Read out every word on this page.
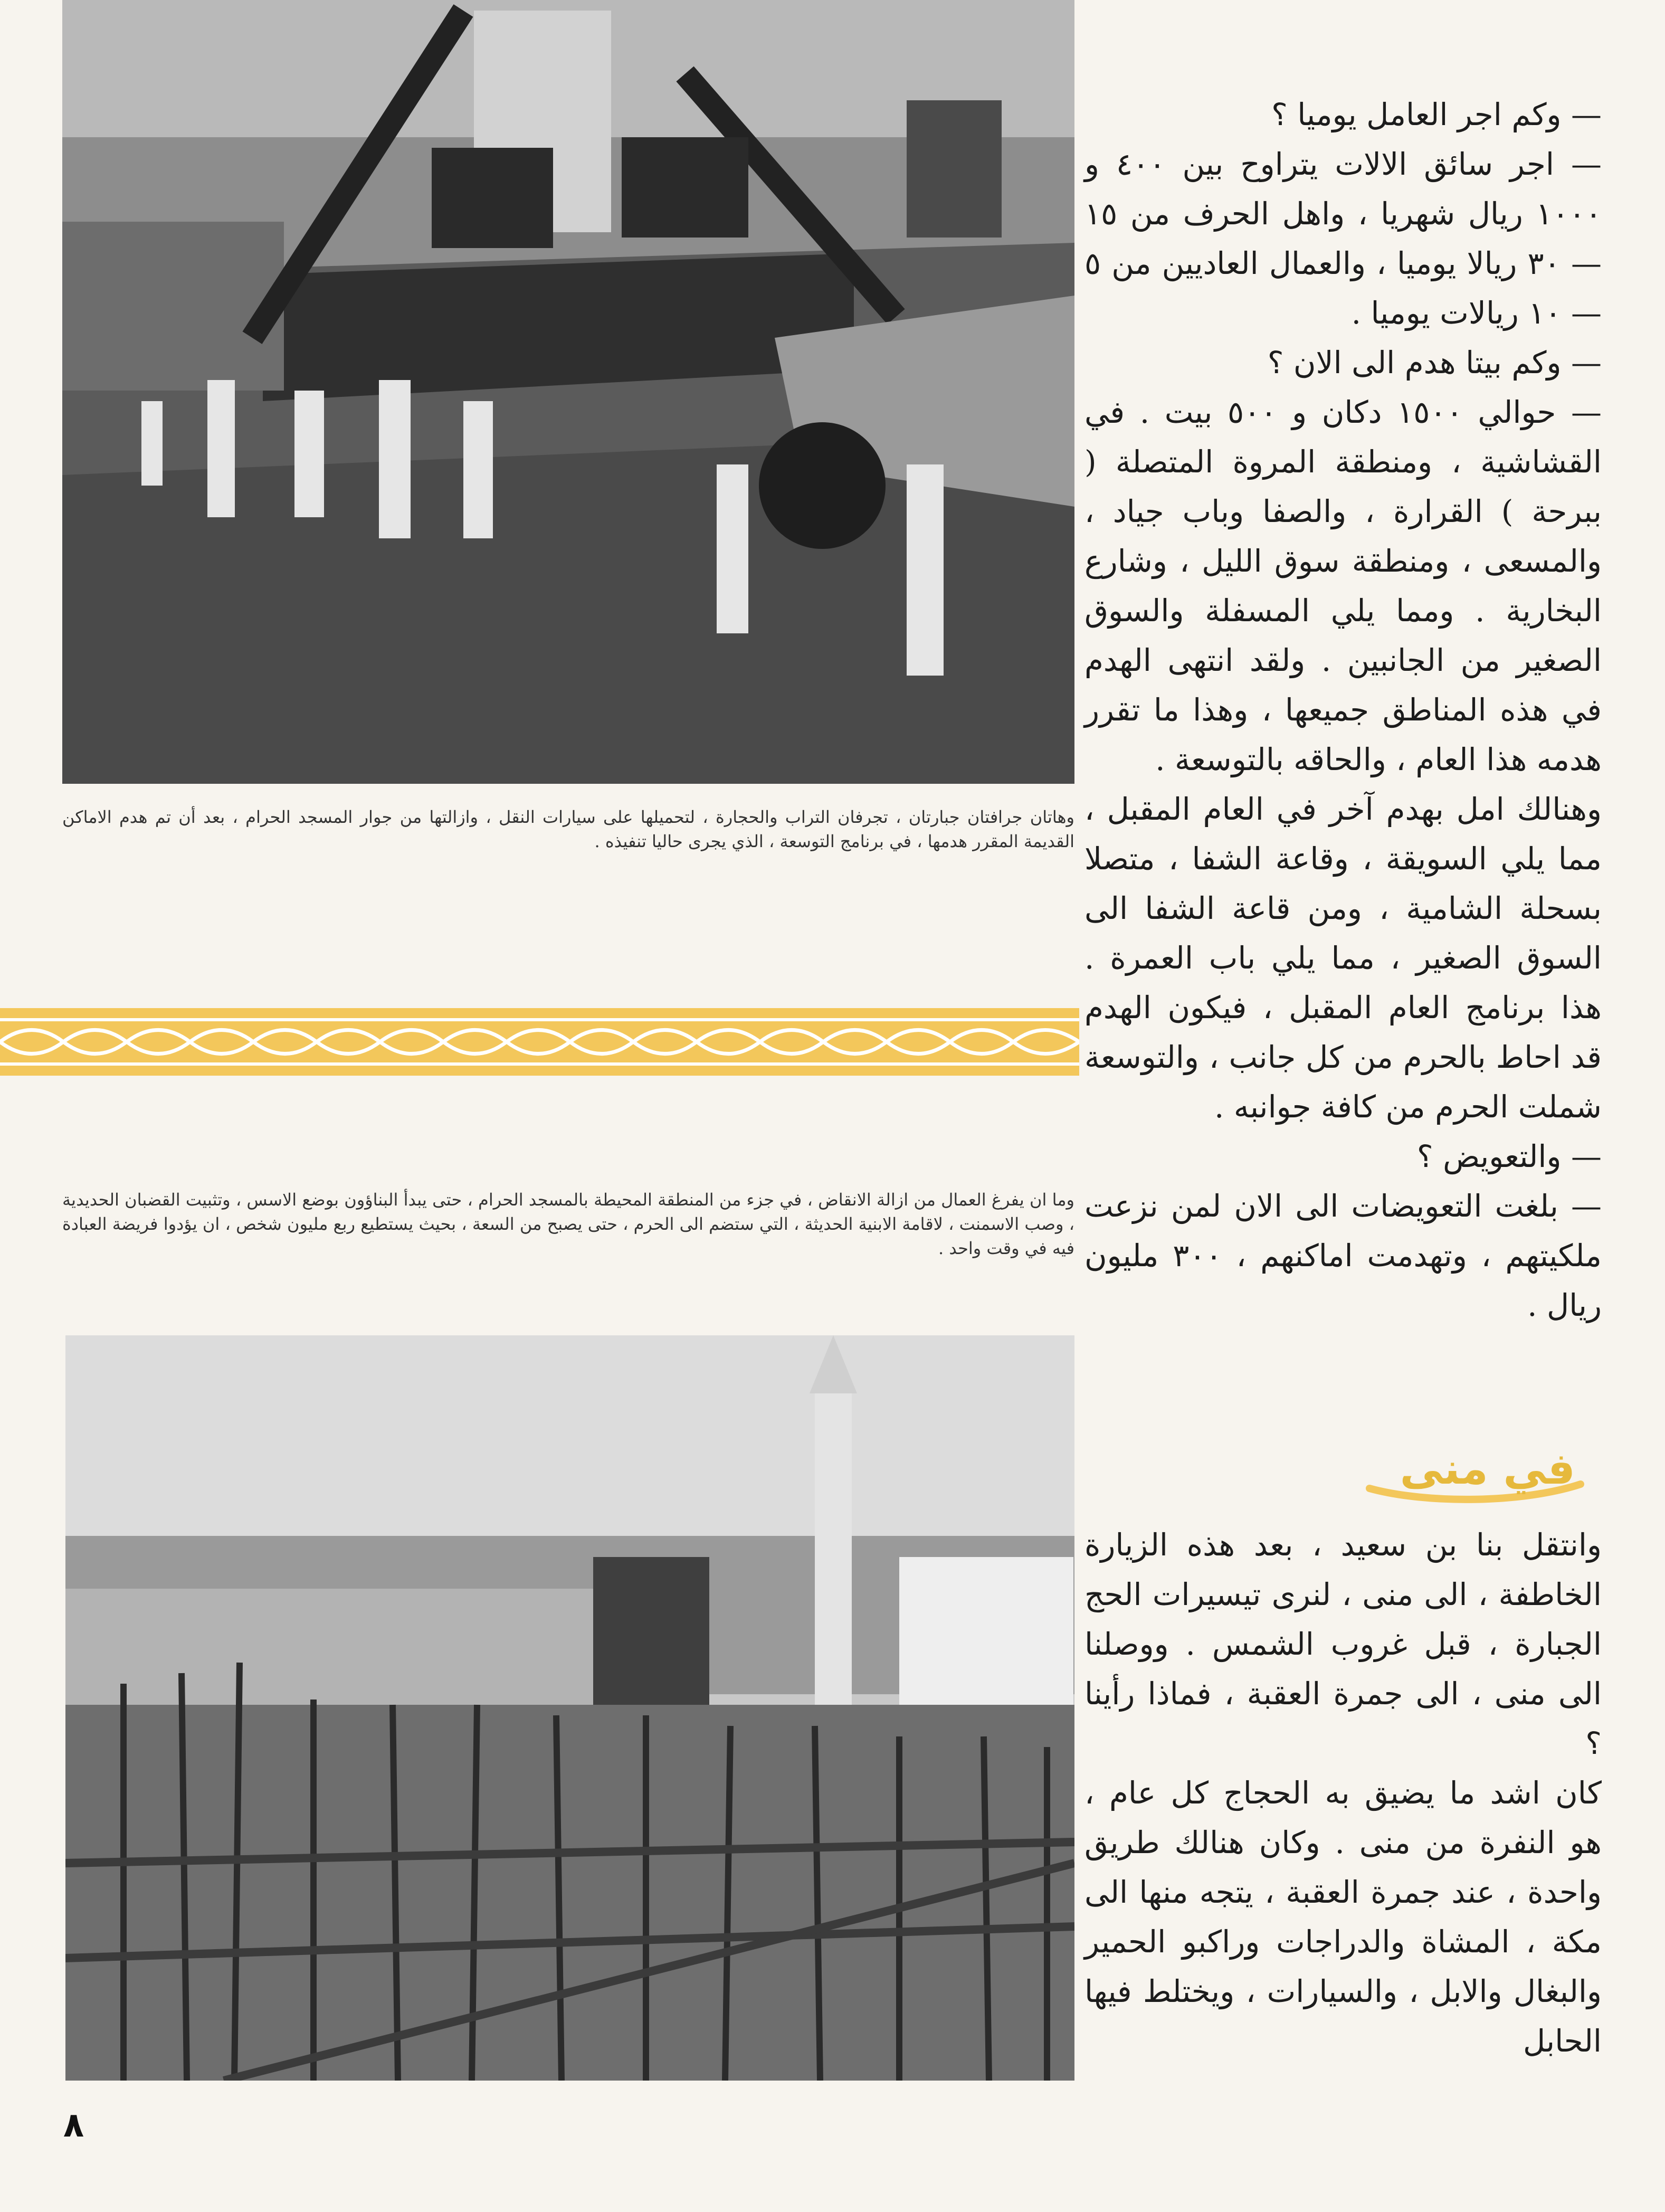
وهاتان جرافتان جبارتان ، تجرفان التراب والحجارة ، لتحميلها على سيارات النقل ، وازالتها من جوار المسجد الحرام ، بعد أن تم هدم الاماكن القديمة المقرر هدمها ، في برنامج التوسعة ، الذي يجرى حاليا تنفيذه .

وما ان يفرغ العمال من ازالة الانقاض ، في جزء من المنطقة المحيطة بالمسجد الحرام ، حتى يبدأ البناؤون بوضع الاسس ، وتثبيت القضبان الحديدية ، وصب الاسمنت ، لاقامة الابنية الحديثة ، التي ستضم الى الحرم ، حتى يصبح من السعة ، بحيث يستطيع ربع مليون شخص ، ان يؤدوا فريضة العبادة فيه في وقت واحد .

— وكم اجر العامل يوميا ؟

— اجر سائق الالات يتراوح بين ٤٠٠ و ١٠٠٠ ريال شهريا ، واهل الحرف من ١٥ — ٣٠ ريالا يوميا ، والعمال العاديين من ٥ — ١٠ ريالات يوميا .

— وكم بيتا هدم الى الان ؟

— حوالي ١٥٠٠ دكان و ٥٠٠ بيت . في القشاشية ، ومنطقة المروة المتصلة ( ببرحة ) القرارة ، والصفا وباب جياد ، والمسعى ، ومنطقة سوق الليل ، وشارع البخارية . ومما يلي المسفلة والسوق الصغير من الجانبين . ولقد انتهى الهدم في هذه المناطق جميعها ، وهذا ما تقرر هدمه هذا العام ، والحاقه بالتوسعة .

وهنالك امل بهدم آخر في العام المقبل ، مما يلي السويقة ، وقاعة الشفا ، متصلا بسحلة الشامية ، ومن قاعة الشفا الى السوق الصغير ، مما يلي باب العمرة . هذا برنامج العام المقبل ، فيكون الهدم قد احاط بالحرم من كل جانب ، والتوسعة شملت الحرم من كافة جوانبه .

— والتعويض ؟

— بلغت التعويضات الى الان لمن نزعت ملكيتهم ، وتهدمت اماكنهم ، ٣٠٠ مليون ريال .

في منى

وانتقل بنا بن سعيد ، بعد هذه الزيارة الخاطفة ، الى منى ، لنرى تيسيرات الحج الجبارة ، قبل غروب الشمس . ووصلنا الى منى ، الى جمرة العقبة ، فماذا رأينا ؟

كان اشد ما يضيق به الحجاج كل عام ، هو النفرة من منى . وكان هنالك طريق واحدة ، عند جمرة العقبة ، يتجه منها الى مكة ، المشاة والدراجات وراكبو الحمير والبغال والابل ، والسيارات ، ويختلط فيها الحابل

٨
